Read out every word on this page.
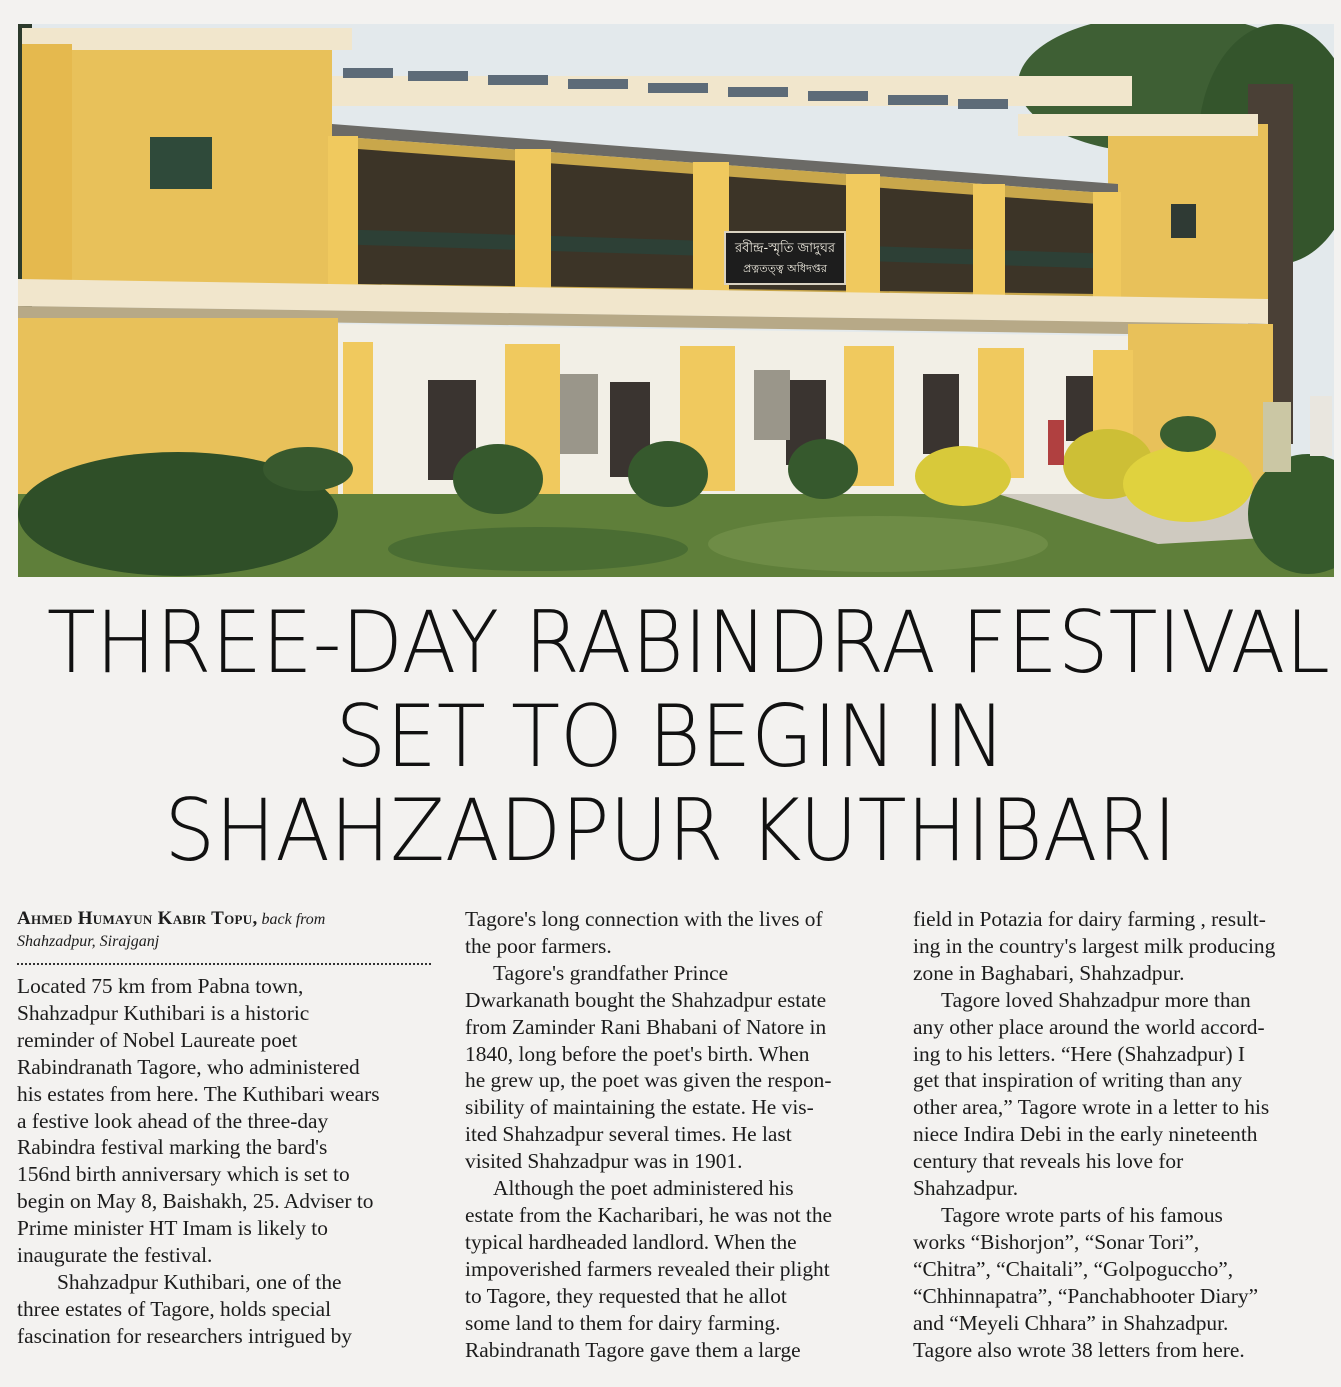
রবীন্দ্র-স্মৃতি জাদুঘর
প্রত্নতত্ত্ব অধিদপ্তর
THREE-DAY RABINDRA FESTIVAL
SET TO BEGIN IN
SHAHZADPUR KUTHIBARI
Ahmed Humayun Kabir Topu, back from
Shahzadpur, Sirajganj
Located 75 km from Pabna town,
Shahzadpur Kuthibari is a historic
reminder of Nobel Laureate poet
Rabindranath Tagore, who administered
his estates from here. The Kuthibari wears
a festive look ahead of the three-day
Rabindra festival marking the bard's
156nd birth anniversary which is set to
begin on May 8, Baishakh, 25. Adviser to
Prime minister HT Imam is likely to
inaugurate the festival.
Shahzadpur Kuthibari, one of the
three estates of Tagore, holds special
fascination for researchers intrigued by
Tagore's long connection with the lives of
the poor farmers.
Tagore's grandfather Prince
Dwarkanath bought the Shahzadpur estate
from Zaminder Rani Bhabani of Natore in
1840, long before the poet's birth. When
he grew up, the poet was given the respon-
sibility of maintaining the estate. He vis-
ited Shahzadpur several times. He last
visited Shahzadpur was in 1901.
Although the poet administered his
estate from the Kacharibari, he was not the
typical hardheaded landlord. When the
impoverished farmers revealed their plight
to Tagore, they requested that he allot
some land to them for dairy farming.
Rabindranath Tagore gave them a large
field in Potazia for dairy farming , result-
ing in the country's largest milk producing
zone in Baghabari, Shahzadpur.
Tagore loved Shahzadpur more than
any other place around the world accord-
ing to his letters. “Here (Shahzadpur) I
get that inspiration of writing than any
other area,” Tagore wrote in a letter to his
niece Indira Debi in the early nineteenth
century that reveals his love for
Shahzadpur.
Tagore wrote parts of his famous
works “Bishorjon”, “Sonar Tori”,
“Chitra”, “Chaitali”, “Golpoguccho”,
“Chhinnapatra”, “Panchabhooter Diary”
and “Meyeli Chhara” in Shahzadpur.
Tagore also wrote 38 letters from here.
